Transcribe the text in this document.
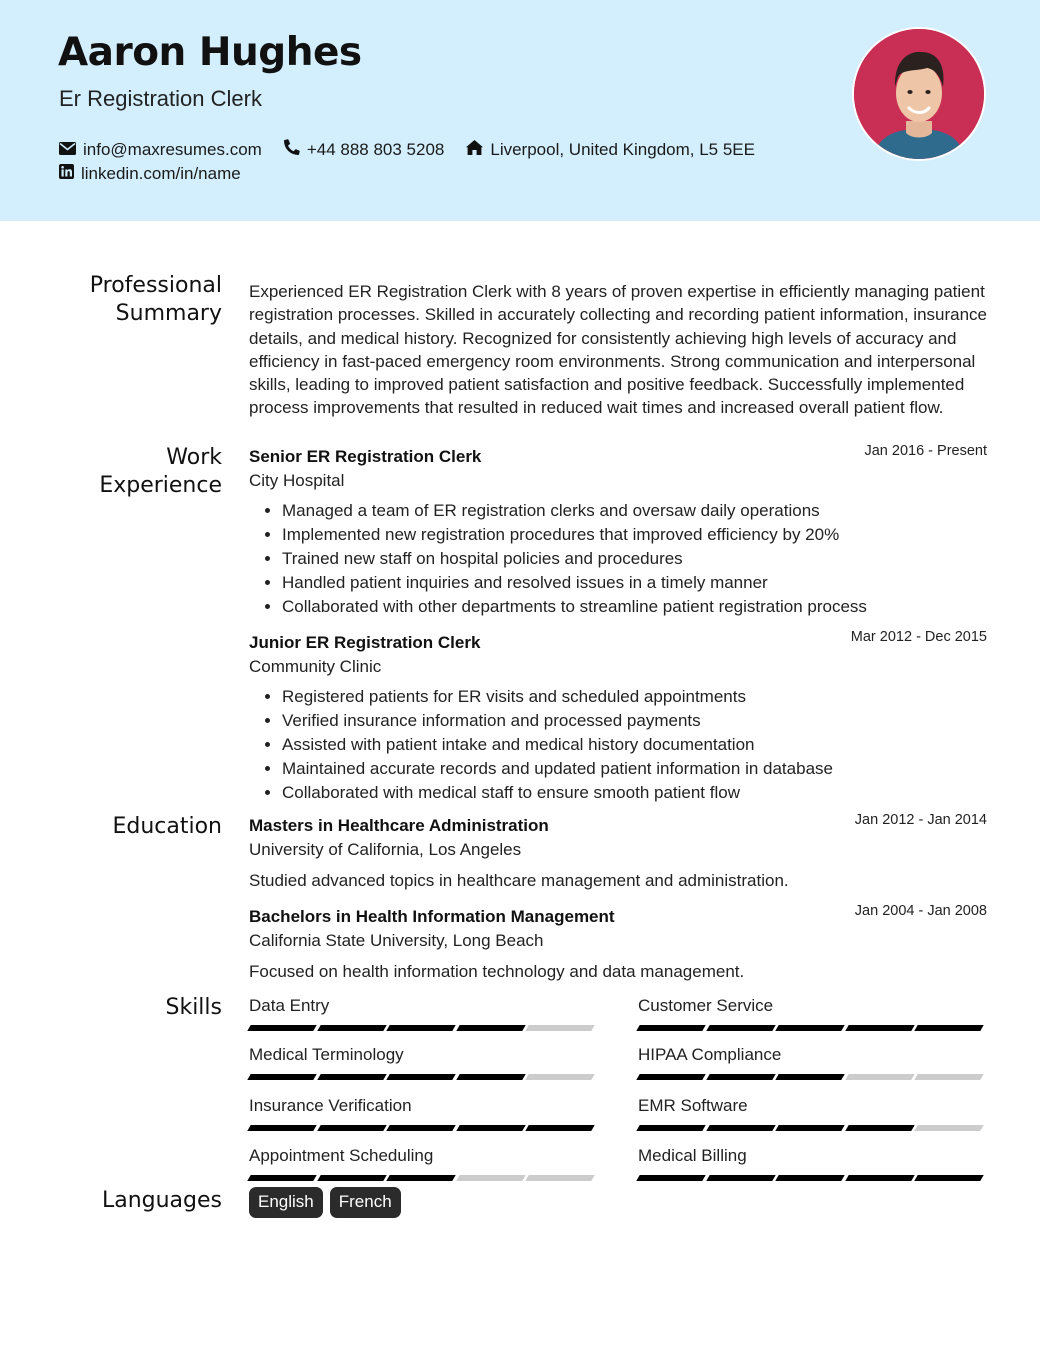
Aaron Hughes
Er Registration Clerk
info@maxresumes.com	+44 888 803 5208	Liverpool, United Kingdom, L5 5EE
linkedin.com/in/name
Professional
Summary
Experienced ER Registration Clerk with 8 years of proven expertise in efficiently managing patient registration processes. Skilled in accurately collecting and recording patient information, insurance details, and medical history. Recognized for consistently achieving high levels of accuracy and efficiency in fast-paced emergency room environments. Strong communication and interpersonal skills, leading to improved patient satisfaction and positive feedback. Successfully implemented process improvements that resulted in reduced wait times and increased overall patient flow.
Work
Experience
Senior ER Registration Clerk	Jan 2016 - Present
City Hospital
• Managed a team of ER registration clerks and oversaw daily operations
• Implemented new registration procedures that improved efficiency by 20%
• Trained new staff on hospital policies and procedures
• Handled patient inquiries and resolved issues in a timely manner
• Collaborated with other departments to streamline patient registration process
Junior ER Registration Clerk	Mar 2012 - Dec 2015
Community Clinic
• Registered patients for ER visits and scheduled appointments
• Verified insurance information and processed payments
• Assisted with patient intake and medical history documentation
• Maintained accurate records and updated patient information in database
• Collaborated with medical staff to ensure smooth patient flow
Education Masters in Healthcare Administration	Jan 2012 - Jan 2014
University of California, Los Angeles
Studied advanced topics in healthcare management and administration.
Bachelors in Health Information Management	Jan 2004 - Jan 2008
California State University, Long Beach
Focused on health information technology and data management.
Skills Data Entry	Customer Service
Medical Terminology	HIPAA Compliance
Insurance Verification	EMR Software
Appointment Scheduling	Medical Billing
Languages	English	French
